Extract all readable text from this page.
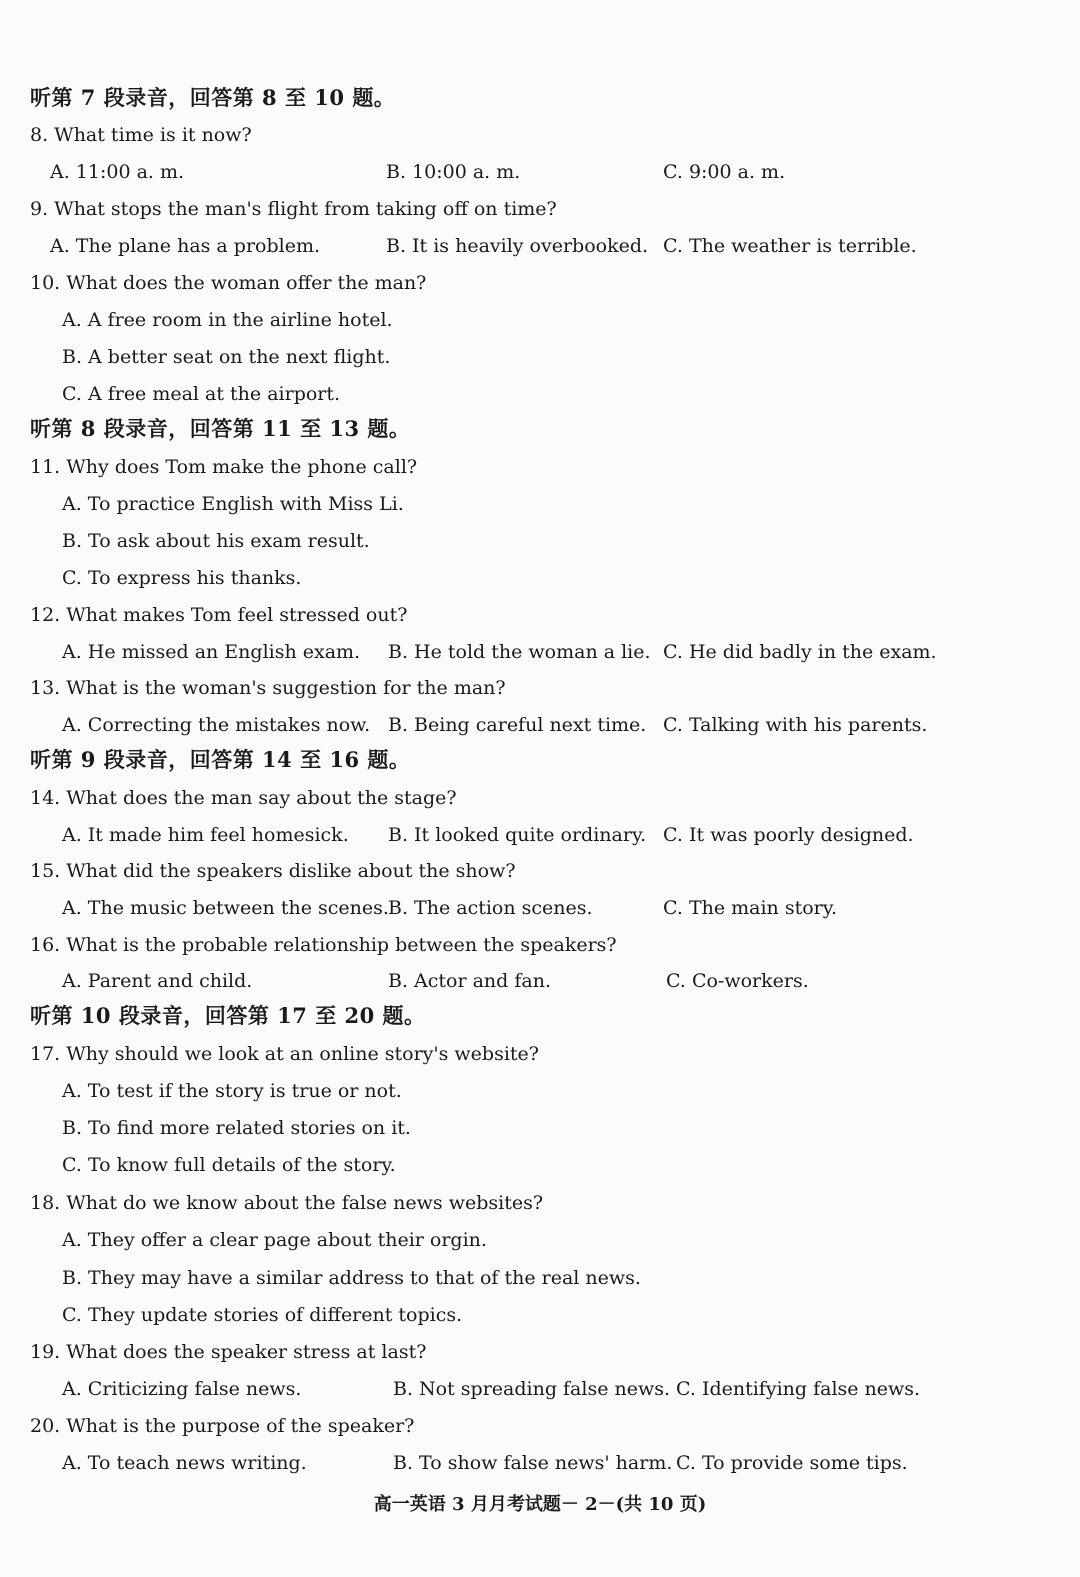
听第 7 段录音，回答第 8 至 10 题。
8. What time is it now?
A. 11:00 a. m.	B. 10:00 a. m.	C. 9:00 a. m.
9. What stops the man's flight from taking off on time?
A. The plane has a problem.	B. It is heavily overbooked. C. The weather is terrible.
10. What does the woman offer the man?
A. A free room in the airline hotel.
B. A better seat on the next flight.
C. A free meal at the airport.
听第 8 段录音，回答第 11 至 13 题。
11. Why does Tom make the phone call?
A. To practice English with Miss Li.
B. To ask about his exam result.
C. To express his thanks.
12. What makes Tom feel stressed out?
A. He missed an English exam. B. He told the woman a lie. C. He did badly in the exam.
13. What is the woman's suggestion for the man?
A. Correcting the mistakes now. B. Being careful next time. C. Talking with his parents.
听第 9 段录音，回答第 14 至 16 题。
14. What does the man say about the stage?
A. It made him feel homesick. B. It looked quite ordinary. C. It was poorly designed.
15. What did the speakers dislike about the show?
A. The music between the scenes. B. The action scenes.	C. The main story.
16. What is the probable relationship between the speakers?
A. Parent and child.	B. Actor and fan.	C. Co-workers.
听第 10 段录音，回答第 17 至 20 题。
17. Why should we look at an online story's website?
A. To test if the story is true or not.
B. To find more related stories on it.
C. To know full details of the story.
18. What do we know about the false news websites?
A. They offer a clear page about their orgin.
B. They may have a similar address to that of the real news.
C. They update stories of different topics.
19. What does the speaker stress at last?
A. Criticizing false news.	B. Not spreading false news. C. Identifying false news.
20. What is the purpose of the speaker?
A. To teach news writing.	B. To show false news' harm. C. To provide some tips.
高一英语 3 月月考试题－ 2－(共 10 页)
